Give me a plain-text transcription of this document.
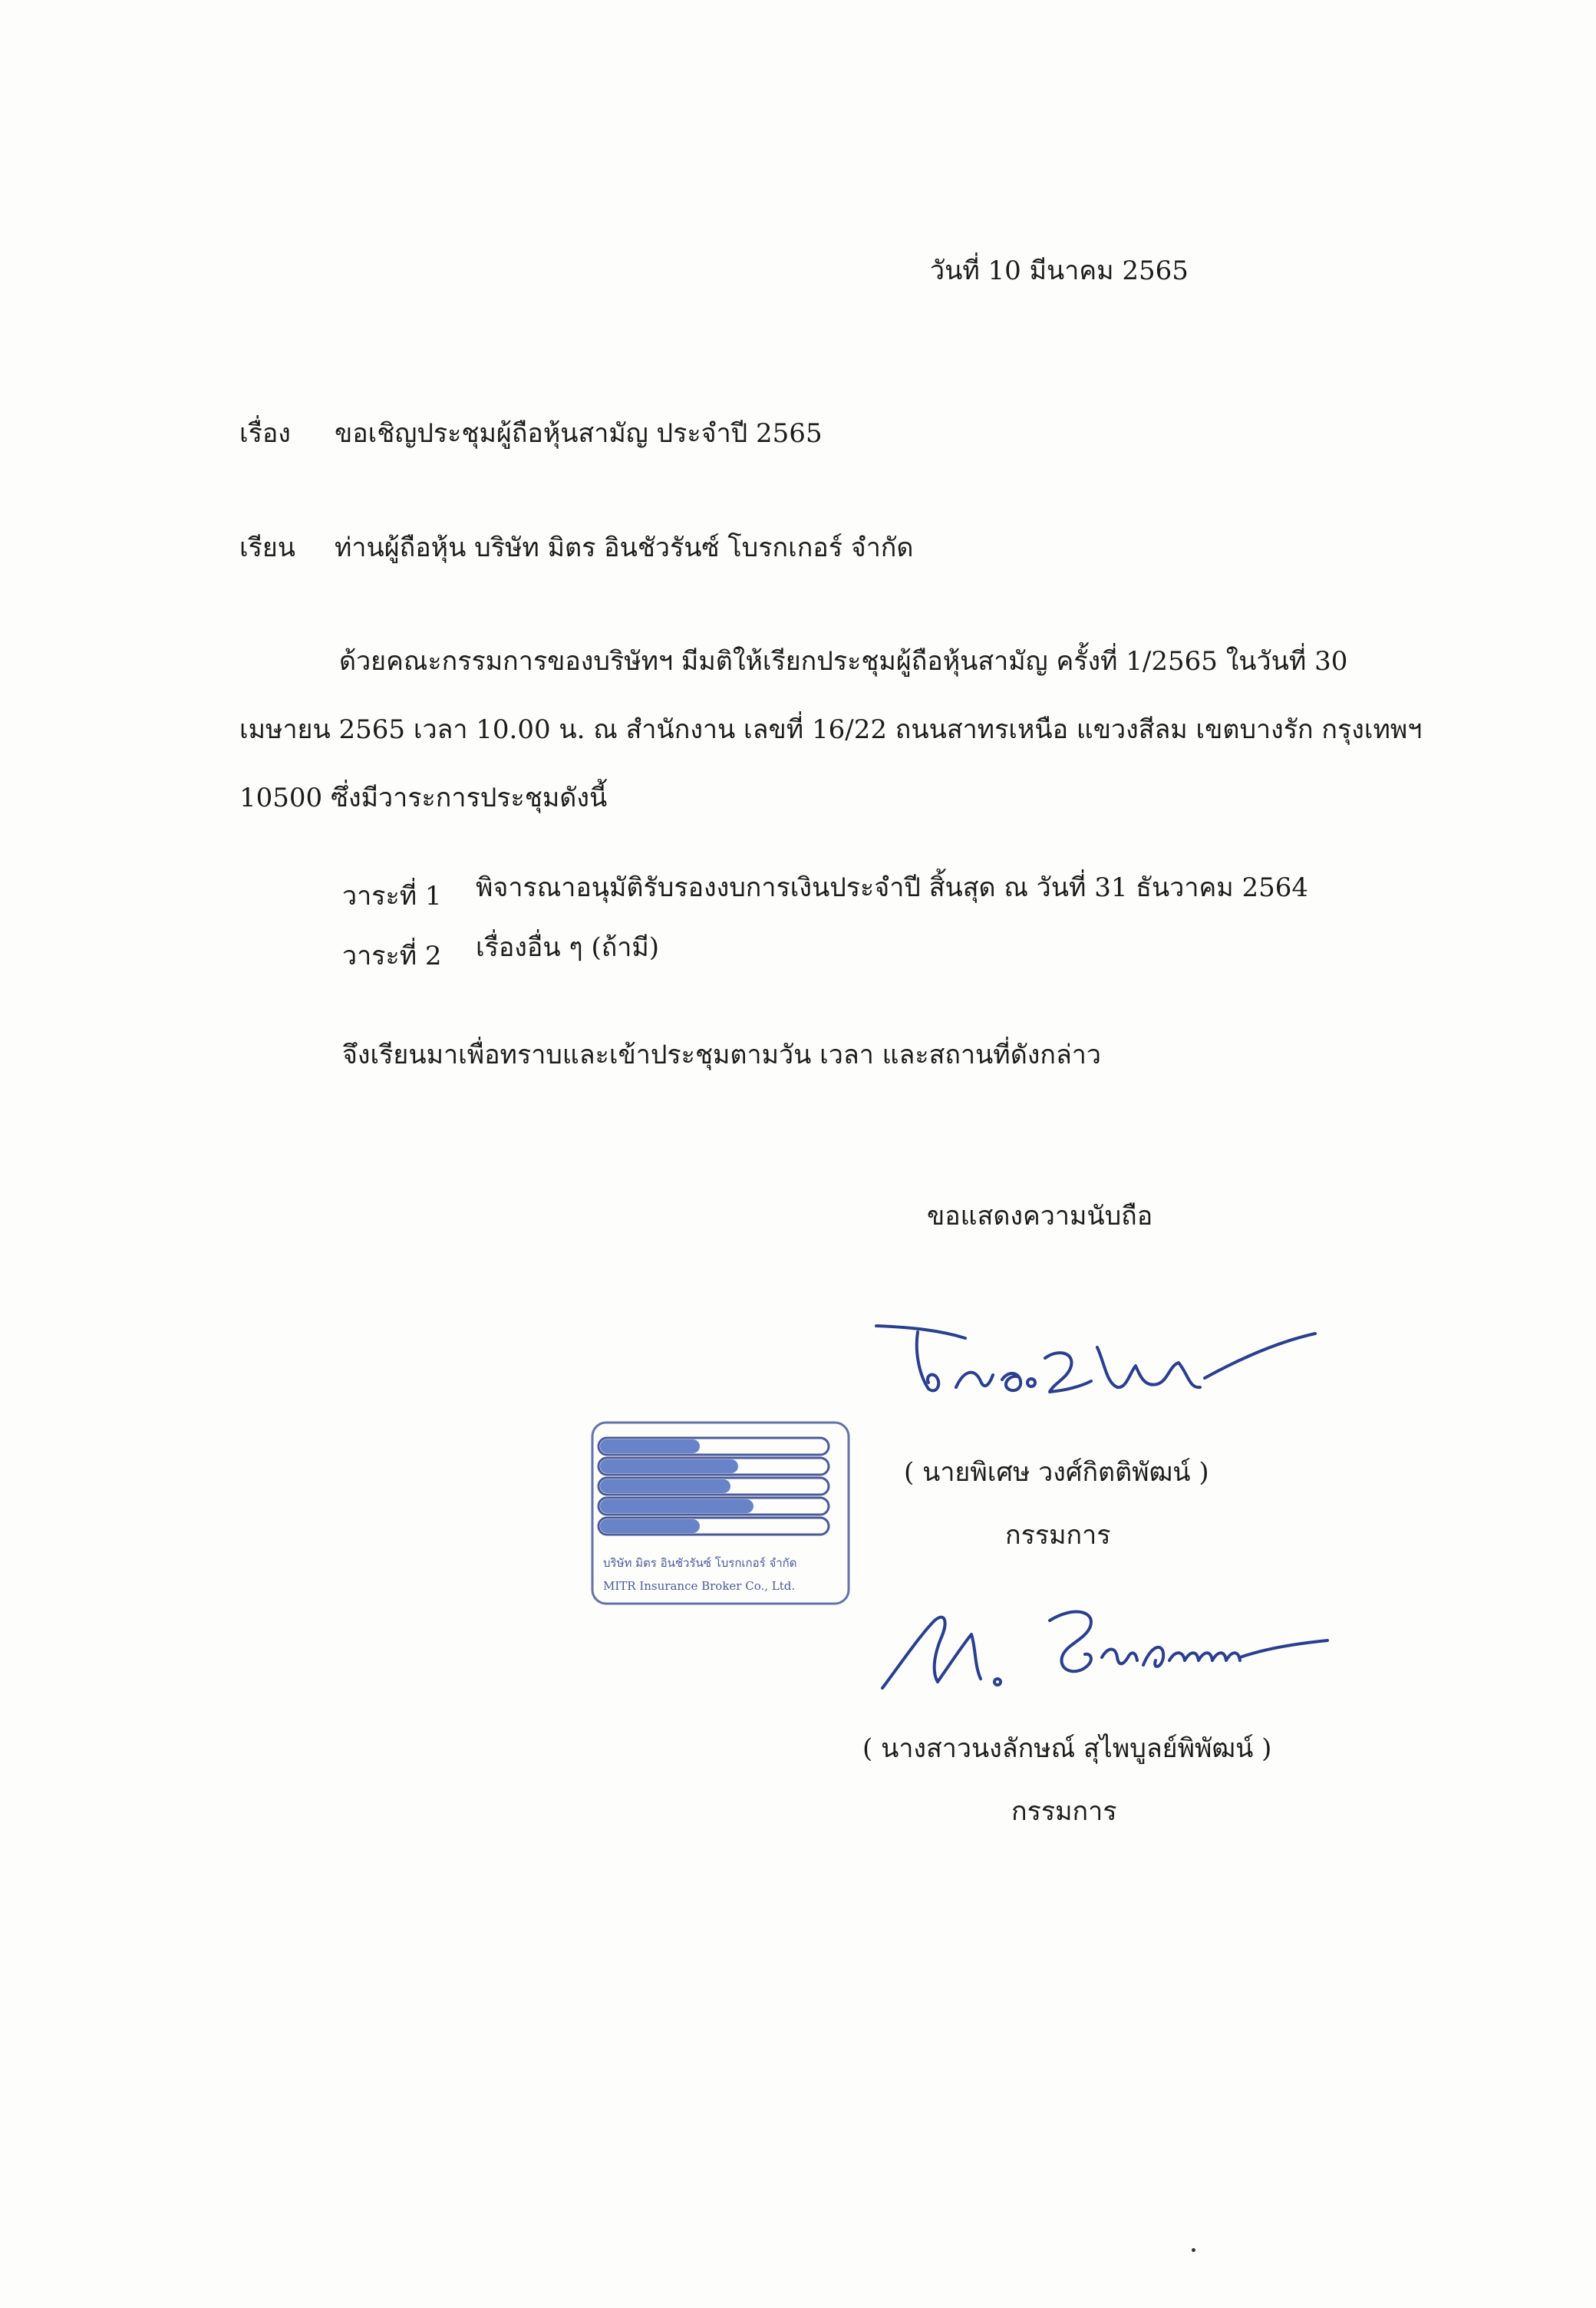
วันที่ 10 มีนาคม 2565
เรื่อง ขอเชิญประชุมผู้ถือหุ้นสามัญ ประจำปี 2565
เรียน ท่านผู้ถือหุ้น บริษัท มิตร อินชัวรันซ์ โบรกเกอร์ จำกัด
ด้วยคณะกรรมการของบริษัทฯ มีมติให้เรียกประชุมผู้ถือหุ้นสามัญ ครั้งที่ 1/2565 ในวันที่ 30
เมษายน 2565 เวลา 10.00 น. ณ สำนักงาน เลขที่ 16/22 ถนนสาทรเหนือ แขวงสีลม เขตบางรัก กรุงเทพฯ
10500 ซึ่งมีวาระการประชุมดังนี้
วาระที่ 1 พิจารณาอนุมัติรับรองงบการเงินประจำปี สิ้นสุด ณ วันที่ 31 ธันวาคม 2564
วาระที่ 2 เรื่องอื่น ๆ (ถ้ามี)
จึงเรียนมาเพื่อทราบและเข้าประชุมตามวัน เวลา และสถานที่ดังกล่าว
ขอแสดงความนับถือ
( นายพิเศษ วงศ์กิตติพัฒน์ )
กรรมการ
บริษัท มิตร อินชัวรันซ์ โบรกเกอร์ จำกัด
MITR Insurance Broker Co., Ltd.
( นางสาวนงลักษณ์ สุไพบูลย์พิพัฒน์ )
กรรมการ
